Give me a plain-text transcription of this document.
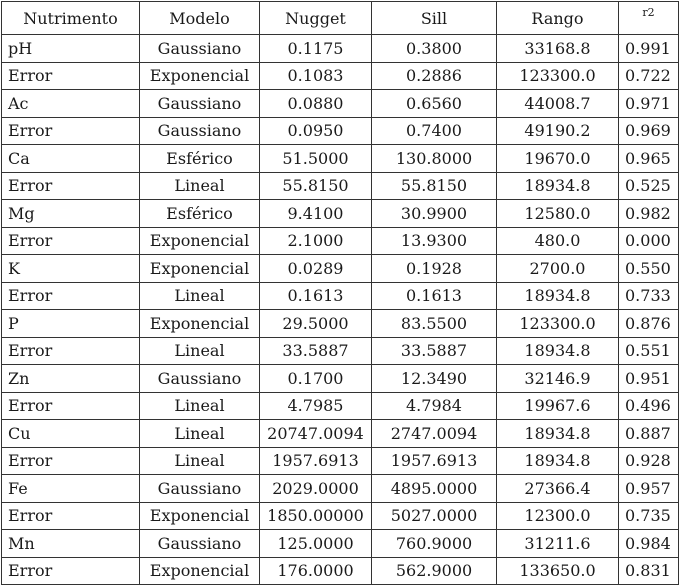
Nutrimento	Modelo	Nugget	Sill	Rango	r2
pH	Gaussiano	0.1175	0.3800	33168.8	0.991
Error	Exponencial	0.1083	0.2886	123300.0	0.722
Ac	Gaussiano	0.0880	0.6560	44008.7	0.971
Error	Gaussiano	0.0950	0.7400	49190.2	0.969
Ca	Esférico	51.5000	130.8000	19670.0	0.965
Error	Lineal	55.8150	55.8150	18934.8	0.525
Mg	Esférico	9.4100	30.9900	12580.0	0.982
Error	Exponencial	2.1000	13.9300	480.0	0.000
K	Exponencial	0.0289	0.1928	2700.0	0.550
Error	Lineal	0.1613	0.1613	18934.8	0.733
P	Exponencial	29.5000	83.5500	123300.0	0.876
Error	Lineal	33.5887	33.5887	18934.8	0.551
Zn	Gaussiano	0.1700	12.3490	32146.9	0.951
Error	Lineal	4.7985	4.7984	19967.6	0.496
Cu	Lineal	20747.0094	2747.0094	18934.8	0.887
Error	Lineal	1957.6913	1957.6913	18934.8	0.928
Fe	Gaussiano	2029.0000	4895.0000	27366.4	0.957
Error	Exponencial	1850.00000	5027.0000	12300.0	0.735
Mn	Gaussiano	125.0000	760.9000	31211.6	0.984
Error	Exponencial	176.0000	562.9000	133650.0	0.831
